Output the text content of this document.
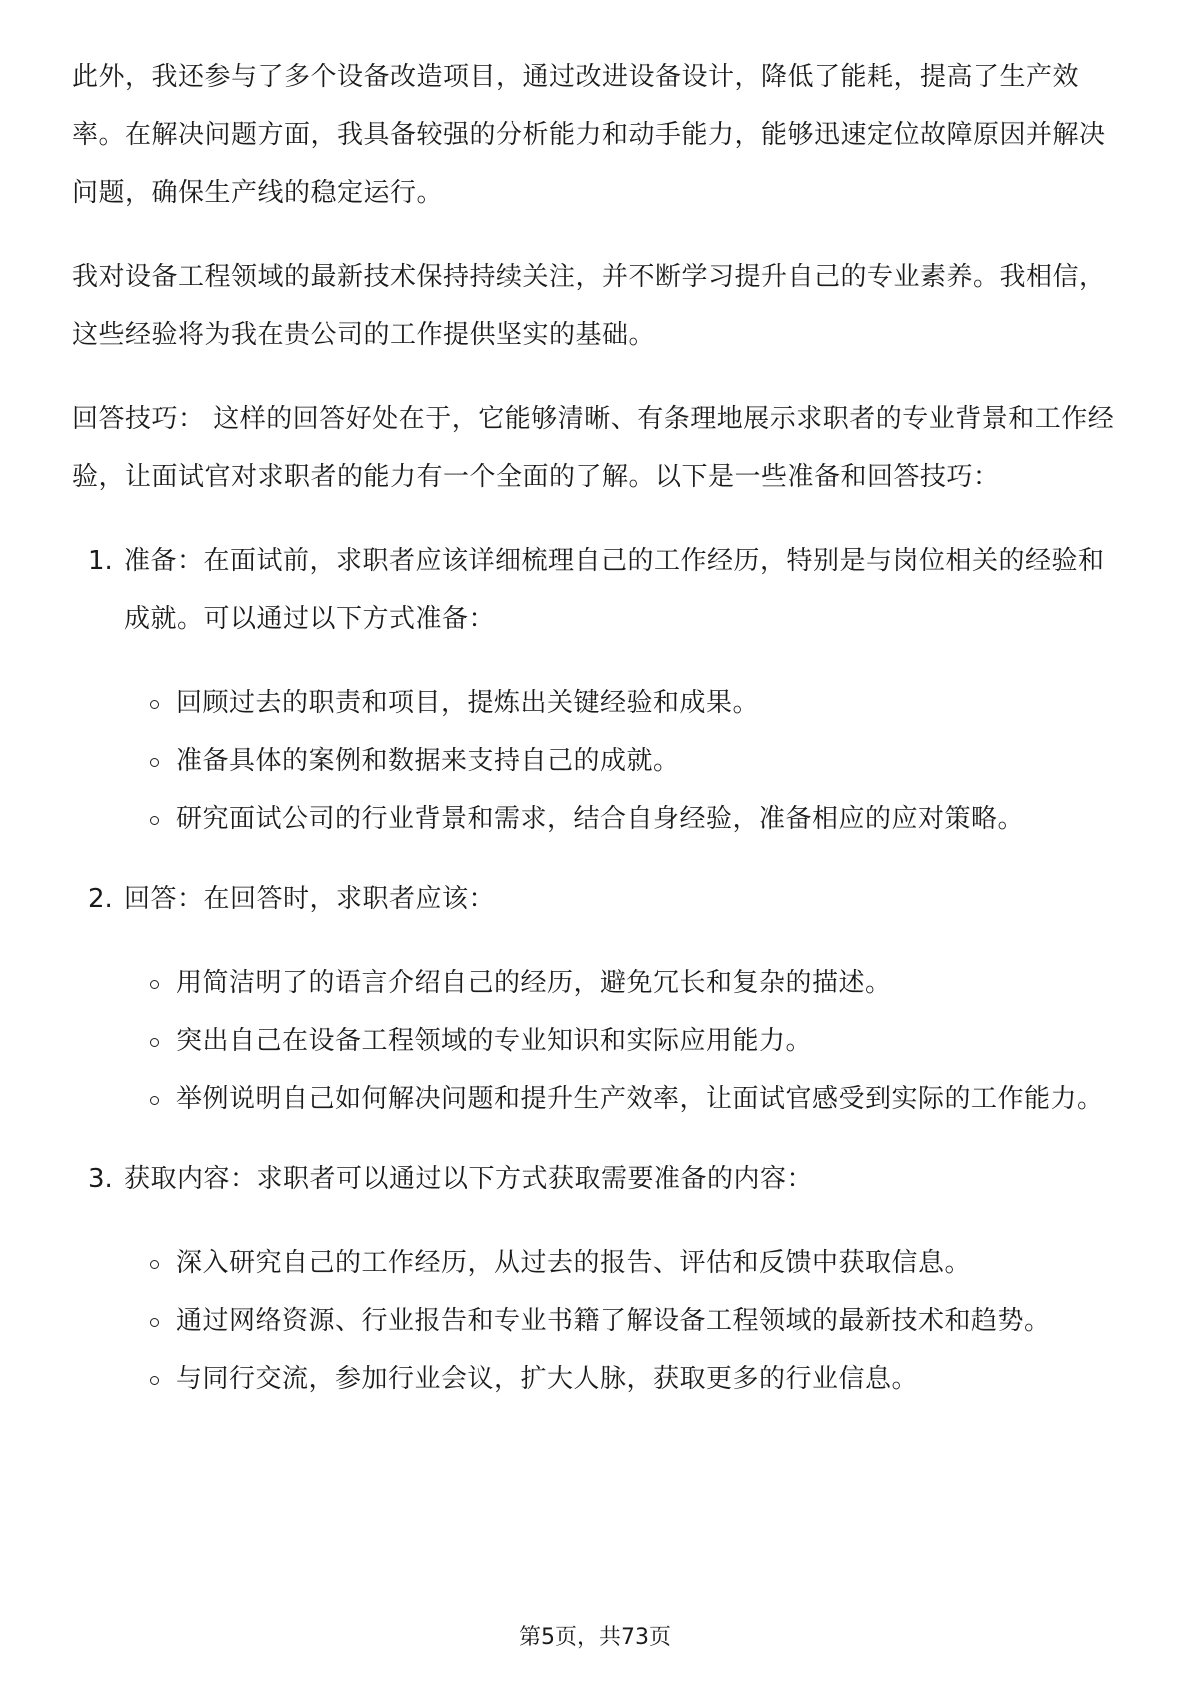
此外，我还参与了多个设备改造项目，通过改进设备设计，降低了能耗，提高了生产效率。在解决问题方面，我具备较强的分析能力和动手能力，能够迅速定位故障原因并解决问题，确保生产线的稳定运行。

我对设备工程领域的最新技术保持持续关注，并不断学习提升自己的专业素养。我相信，这些经验将为我在贵公司的工作提供坚实的基础。

回答技巧： 这样的回答好处在于，它能够清晰、有条理地展示求职者的专业背景和工作经验，让面试官对求职者的能力有一个全面的了解。以下是一些准备和回答技巧：

1. 准备：在面试前，求职者应该详细梳理自己的工作经历，特别是与岗位相关的经验和成就。可以通过以下方式准备：

回顾过去的职责和项目，提炼出关键经验和成果。
准备具体的案例和数据来支持自己的成就。
研究面试公司的行业背景和需求，结合自身经验，准备相应的应对策略。
2. 回答：在回答时，求职者应该：

用简洁明了的语言介绍自己的经历，避免冗长和复杂的描述。
突出自己在设备工程领域的专业知识和实际应用能力。
举例说明自己如何解决问题和提升生产效率，让面试官感受到实际的工作能力。
3. 获取内容：求职者可以通过以下方式获取需要准备的内容：

深入研究自己的工作经历，从过去的报告、评估和反馈中获取信息。
通过网络资源、行业报告和专业书籍了解设备工程领域的最新技术和趋势。
与同行交流，参加行业会议，扩大人脉，获取更多的行业信息。
第5页，共73页
